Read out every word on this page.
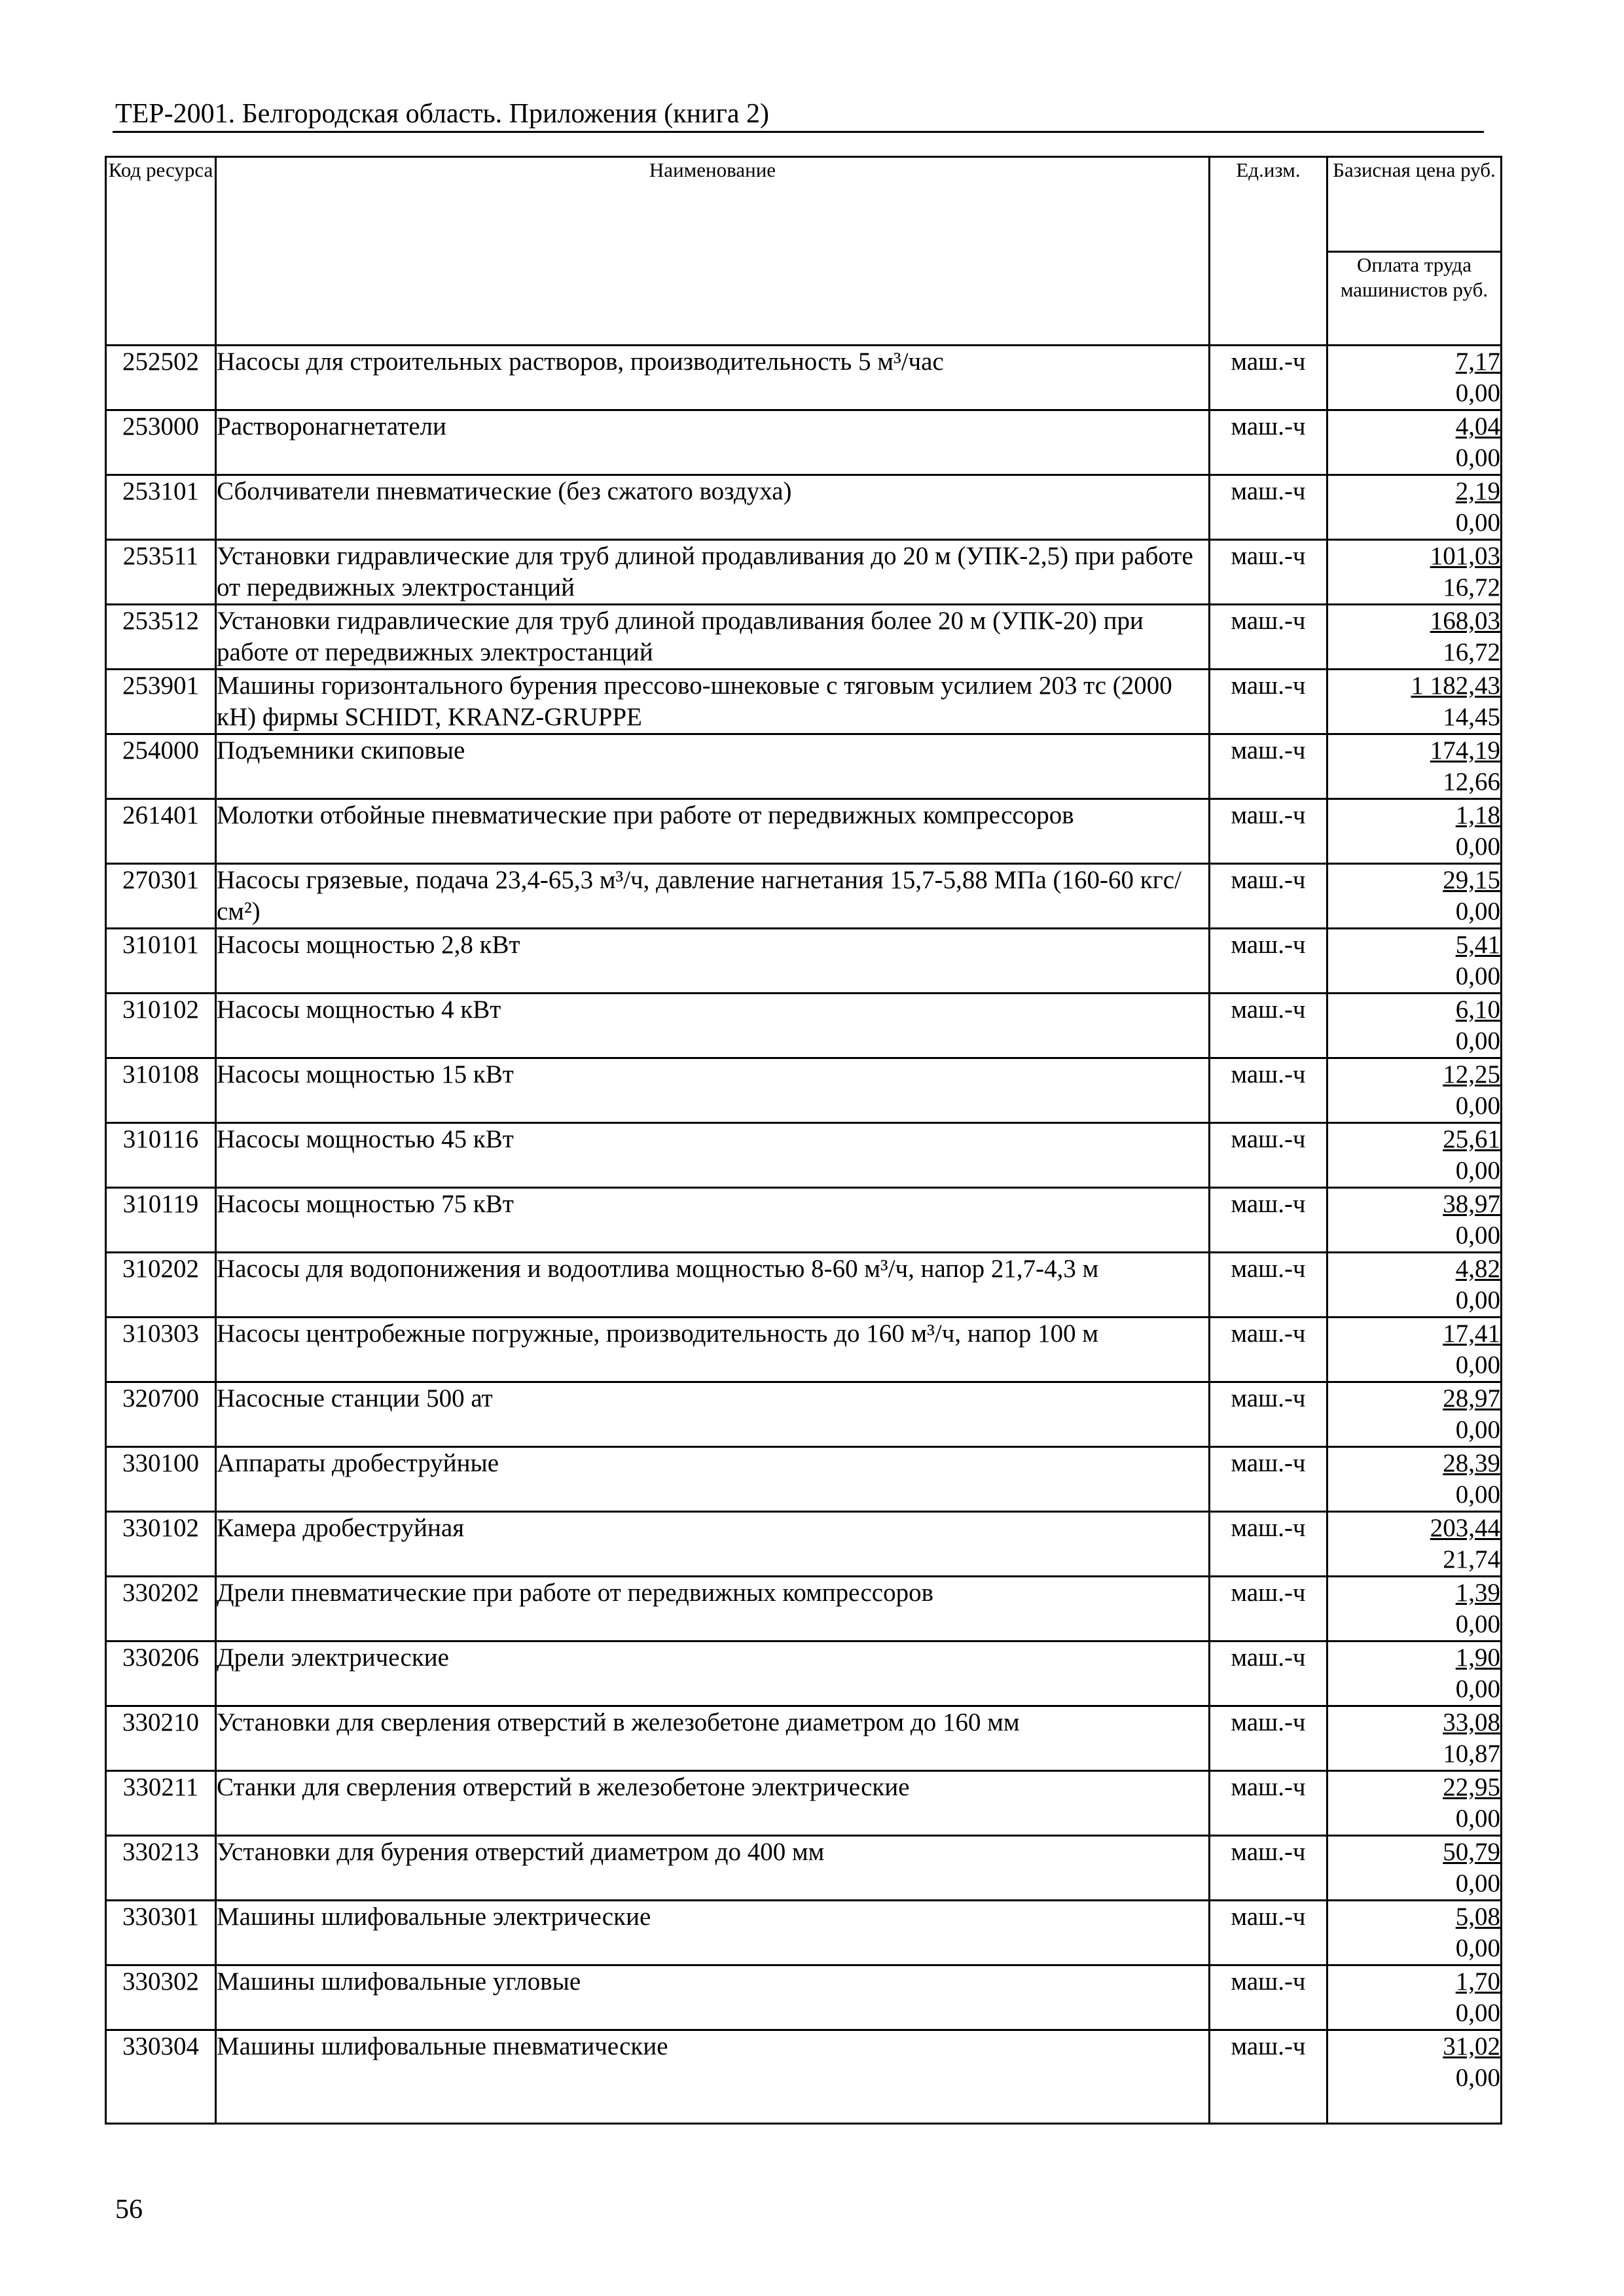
ТЕР-2001. Белгородская область. Приложения (книга 2)
Код ресурса	Наименование	Ед.изм.	Базисная цена руб.
			Оплата труда машинистов руб.
252502	Насосы для строительных растворов, производительность 5 м³/час	маш.-ч	7,17
0,00

253000	Растворонагнетатели	маш.-ч	4,04
0,00

253101	Сболчиватели пневматические (без сжатого воздуха)	маш.-ч	2,19
0,00

253511	Установки гидравлические для труб длиной продавливания до 20 м (УПК-2,5) при работе от передвижных электростанций	маш.-ч	101,03
16,72

253512	Установки гидравлические для труб длиной продавливания более 20 м (УПК-20) при работе от передвижных электростанций	маш.-ч	168,03
16,72

253901	Машины горизонтального бурения прессово-шнековые с тяговым усилием 203 тс (2000 кН) фирмы SCHIDT, KRANZ-GRUPPE	маш.-ч	1 182,43
14,45

254000	Подъемники скиповые	маш.-ч	174,19
12,66

261401	Молотки отбойные пневматические при работе от передвижных компрессоров	маш.-ч	1,18
0,00

270301	Насосы грязевые, подача 23,4-65,3 м³/ч, давление нагнетания 15,7-5,88 МПа (160-60 кгс/см²)	маш.-ч	29,15
0,00

310101	Насосы мощностью 2,8 кВт	маш.-ч	5,41
0,00

310102	Насосы мощностью 4 кВт	маш.-ч	6,10
0,00

310108	Насосы мощностью 15 кВт	маш.-ч	12,25
0,00

310116	Насосы мощностью 45 кВт	маш.-ч	25,61
0,00

310119	Насосы мощностью 75 кВт	маш.-ч	38,97
0,00

310202	Насосы для водопонижения и водоотлива мощностью 8-60 м³/ч, напор 21,7-4,3 м	маш.-ч	4,82
0,00

310303	Насосы центробежные погружные, производительность до 160 м³/ч, напор 100 м	маш.-ч	17,41
0,00

320700	Насосные станции 500 ат	маш.-ч	28,97
0,00

330100	Аппараты дробеструйные	маш.-ч	28,39
0,00

330102	Камера дробеструйная	маш.-ч	203,44
21,74

330202	Дрели пневматические при работе от передвижных компрессоров	маш.-ч	1,39
0,00

330206	Дрели электрические	маш.-ч	1,90
0,00

330210	Установки для сверления отверстий в железобетоне диаметром до 160 мм	маш.-ч	33,08
10,87

330211	Станки для сверления отверстий в железобетоне электрические	маш.-ч	22,95
0,00

330213	Установки для бурения отверстий диаметром до 400 мм	маш.-ч	50,79
0,00

330301	Машины шлифовальные электрические	маш.-ч	5,08
0,00

330302	Машины шлифовальные угловые	маш.-ч	1,70
0,00

330304	Машины шлифовальные пневматические	маш.-ч	31,02
0,00
56
